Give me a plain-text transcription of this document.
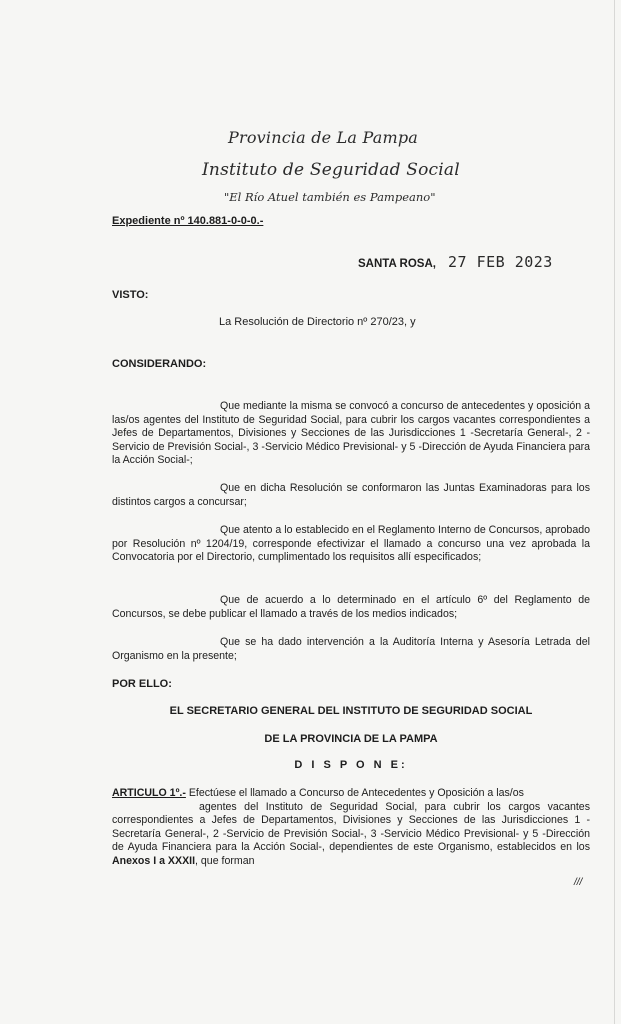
Provincia de La Pampa
Instituto de Seguridad Social
"El Río Atuel también es Pampeano"
Expediente nº 140.881-0-0-0.-
SANTA ROSA, 27 FEB 2023
VISTO:
La Resolución de Directorio nº 270/23, y
CONSIDERANDO:
Que mediante la misma se convocó a concurso de antecedentes y oposición a las/os agentes del Instituto de Seguridad Social, para cubrir los cargos vacantes correspondientes a Jefes de Departamentos, Divisiones y Secciones de las Jurisdicciones 1 -Secretaría General-, 2 -Servicio de Previsión Social-, 3 -Servicio Médico Previsional- y 5 -Dirección de Ayuda Financiera para la Acción Social-;
Que en dicha Resolución se conformaron las Juntas Examinadoras para los distintos cargos a concursar;
Que atento a lo establecido en el Reglamento Interno de Concursos, aprobado por Resolución nº 1204/19, corresponde efectivizar el llamado a concurso una vez aprobada la Convocatoria por el Directorio, cumplimentado los requisitos allí especificados;
Que de acuerdo a lo determinado en el artículo 6º del Reglamento de Concursos, se debe publicar el llamado a través de los medios indicados;
Que se ha dado intervención a la Auditoría Interna y Asesoría Letrada del Organismo en la presente;
POR ELLO:
EL SECRETARIO GENERAL DEL INSTITUTO DE SEGURIDAD SOCIAL
DE LA PROVINCIA DE LA PAMPA
D I S P O N E:
ARTICULO 1º.- Efectúese el llamado a Concurso de Antecedentes y Oposición a las/os
agentes del Instituto de Seguridad Social, para cubrir los cargos vacantes correspondientes a Jefes de Departamentos, Divisiones y Secciones de las Jurisdicciones 1 -Secretaría General-, 2 -Servicio de Previsión Social-, 3 -Servicio Médico Previsional- y 5 -Dirección de Ayuda Financiera para la Acción Social-, dependientes de este Organismo, establecidos en los Anexos I a XXXII, que forman
///
